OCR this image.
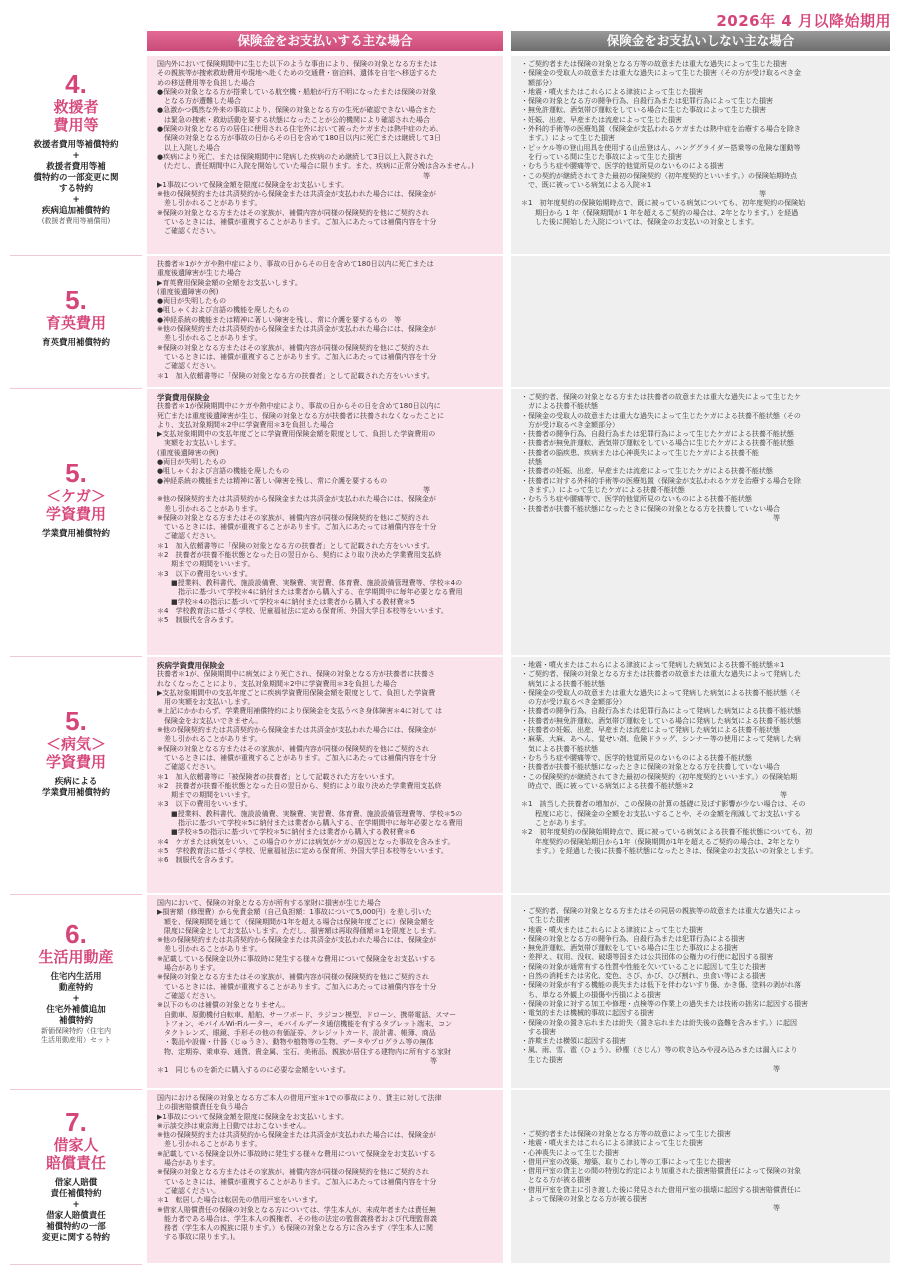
2026年 4 月以降始期用
保険金をお支払いする主な場合	保険金をお支払いしない主な場合
4.
救援者
費用等
救援者費用等補償特約
+
救援者費用等補
償特約の一部変更に関
する特約
+
疾病追加補償特約
(救援者費用等補償用)
国内外において保険期間中に生じた以下のような事由により、保険の対象となる方または
その親族等が捜索救助費用や現地へ赴くための交通費・宿泊料、遺体を自宅へ移送するた
めの移送費用等を負担した場合
●保険の対象となる方が搭乗している航空機・船舶が行方不明になったまたは保険の対象
　となる方が遭難した場合
●急激かつ偶然な外来の事故により、保険の対象となる方の生死が確認できない場合また
　は緊急の捜索・救助活動を要する状態になったことが公的機関により確認された場合
●保険の対象となる方の居住に使用される住宅外において被ったケガまたは熱中症のため、
　保険の対象となる方が事故の日からその日を含めて180日以内に死亡または継続して3日
　以上入院した場合
●疾病により死亡、または保険期間中に発病した疾病のため継続して3日以上入院された
　(ただし、責任期間中に入院を開始していた場合に限ります。また、疾病に正常分娩は含みません。)
　　　　　　　　　　　　　　　　　　　　　　　　　　　　　　　　　　　　　　等
▶1事故について保険金額を限度に保険金をお支払いします。
※他の保険契約または共済契約から保険金または共済金が支払われた場合には、保険金が
　差し引かれることがあります。
※保険の対象となる方またはその家族が、補償内容が同様の保険契約を他にご契約され
　ているときには、補償が重複することがあります。ご加入にあたっては補償内容を十分
　ご確認ください。
・ご契約者または保険の対象となる方等の故意または重大な過失によって生じた損害
・保険金の受取人の故意または重大な過失によって生じた損害（その方が受け取るべき金
　額部分）
・地震・噴火またはこれらによる津波によって生じた損害
・保険の対象となる方の闘争行為、自殺行為または犯罪行為によって生じた損害
・無免許運転、酒気帯び運転をしている場合に生じた事故によって生じた損害
・妊娠、出産、早産または流産によって生じた損害
・外科的手術等の医療処置（保険金が支払われるケガまたは熱中症を治療する場合を除き
　ます。）によって生じた損害
・ピッケル等の登山用具を使用する山岳登はん、ハンググライダー搭乗等の危険な運動等
　を行っている間に生じた事故によって生じた損害
・むちうち症や腰痛等で、医学的他覚所見のないものによる損害
・この契約が継続されてきた最初の保険契約（初年度契約といいます。）の保険始期時点
　で、既に被っている病気による入院＊1
　　　　　　　　　　　　　　　　　　　　　　　　　　　　　　　　　　等
＊1　初年度契約の保険始期時点で、既に被っている病気についても、初年度契約の保険始
　　期日から 1 年（保険期間が 1 年を超えるご契約の場合は、2年となります。）を経過
　　した後に開始した入院については、保険金のお支払いの対象とします。
5.
育英費用
育英費用補償特約
扶養者＊1がケガや熱中症により、事故の日からその日を含めて180日以内に死亡または
重度後遺障害が生じた場合
▶育英費用保険金額の全額をお支払いします。
(重度後遺障害の例)
●両目が失明したもの
●咀しゃくおよび言語の機能を廃したもの
●神経系統の機能または精神に著しい障害を残し、常に介護を要するもの　等
※他の保険契約または共済契約から保険金または共済金が支払われた場合には、保険金が
　差し引かれることがあります。
※保険の対象となる方またはその家族が、補償内容が同様の保険契約を他にご契約され
　ているときには、補償が重複することがあります。ご加入にあたっては補償内容を十分
　ご確認ください。
＊1　加入依頼書等に「保険の対象となる方の扶養者」として記載された方をいいます。
5.
＜ケガ＞
学資費用
学業費用補償特約
学資費用保険金
扶養者＊1が保険期間中にケガや熱中症により、事故の日からその日を含めて180日以内に
死亡または重度後遺障害が生じ、保険の対象となる方が扶養者に扶養されなくなったことに
より、支払対象期間＊2中に学資費用＊3を負担した場合
▶支払対象期間中の支払年度ごとに学資費用保険金額を限度として、負担した学資費用の
　実額をお支払いします。
(重度後遺障害の例)
●両目が失明したもの
●咀しゃくおよび言語の機能を廃したもの
●神経系統の機能または精神に著しい障害を残し、常に介護を要するもの
　　　　　　　　　　　　　　　　　　　　　　　　　　　　　　　　　　　　　　等
※他の保険契約または共済契約から保険金または共済金が支払われた場合には、保険金が
　差し引かれることがあります。
※保険の対象となる方またはその家族が、補償内容が同様の保険契約を他にご契約され
　ているときには、補償が重複することがあります。ご加入にあたっては補償内容を十分
　ご確認ください。
＊1　加入依頼書等に「保険の対象となる方の扶養者」として記載された方をいいます。
＊2　扶養者が扶養不能状態となった日の翌日から、契約により取り決めた学業費用支払終
　　期までの期間をいいます。
＊3　以下の費用をいいます。
　　■授業料、教科書代、施設設備費、実験費、実習費、体育費、施設設備管理費等、学校＊4の
　　　指示に基づいて学校＊4に納付または業者から購入する、在学期間中に毎年必要となる費用
　　■学校＊4の指示に基づいて学校＊4に納付または業者から購入する教材費＊5
＊4　学校教育法に基づく学校、児童福祉法に定める保育所、外国大学日本校等をいいます。
＊5　制服代を含みます。
・ご契約者、保険の対象となる方または扶養者の故意または重大な過失によって生じたケ
　ガによる扶養不能状態
・保険金の受取人の故意または重大な過失によって生じたケガによる扶養不能状態（その
　方が受け取るべき金額部分）
・扶養者の闘争行為、自殺行為または犯罪行為によって生じたケガによる扶養不能状態
・扶養者が無免許運転、酒気帯び運転をしている場合に生じたケガによる扶養不能状態
・扶養者の脳疾患、疾病または心神喪失によって生じたケガによる扶養不能
　状態
・扶養者の妊娠、出産、早産または流産によって生じたケガによる扶養不能状態
・扶養者に対する外科的手術等の医療処置（保険金が支払われるケガを治療する場合を除
　きます。）によって生じたケガによる扶養不能状態
・むちうち症や腰痛等で、医学的他覚所見のないものによる扶養不能状態
・扶養者が扶養不能状態になったときに保険の対象となる方を扶養していない場合
　　　　　　　　　　　　　　　　　　　　　　　　　　　　　　　　　　　　等
5.
＜病気＞
学資費用
疾病による
学業費用補償特約
疾病学資費用保険金
扶養者＊1が、保険期間中に病気により死亡され、保険の対象となる方が扶養者に扶養さ
れなくなったことにより、支払対象期間＊2中に学資費用＊3を負担した場合
▶支払対象期間中の支払年度ごとに疾病学資費用保険金額を限度として、負担した学資費
　用の実額をお支払いします。
※上記にかかわらず、学業費用補償特約により保険金を支払うべき身体障害＊4に対して は
　保険金をお支払いできません。
※他の保険契約または共済契約から保険金または共済金が支払われた場合には、保険金が
　差し引かれることがあります。
※保険の対象となる方またはその家族が、補償内容が同様の保険契約を他にご契約され
　ているときには、補償が重複することがあります。ご加入にあたっては補償内容を十分
　ご確認ください。
＊1　加入依頼書等に「被保険者の扶養者」として記載された方をいいます。
＊2　扶養者が扶養不能状態となった日の翌日から、契約により取り決めた学業費用支払終
　　期までの期間をいいます。
＊3　以下の費用をいいます。
　　■授業料、教科書代、施設設備費、実験費、実習費、体育費、施設設備管理費等、学校＊5の
　　　指示に基づいて学校＊5に納付または業者から購入する、在学期間中に毎年必要となる費用
　　■学校＊5の指示に基づいて学校＊5に納付または業者から購入する教材費＊6
＊4　ケガまたは病気をいい、この場合のケガには病気がケガの原因となった事故を含みます。
＊5　学校教育法に基づく学校、児童福祉法に定める保育所、外国大学日本校等をいいます。
＊6　制服代を含みます。
・地震・噴火またはこれらによる津波によって発病した病気による扶養不能状態＊1
・ご契約者、保険の対象となる方または扶養者の故意または重大な過失によって発病した
　病気による扶養不能状態
・保険金の受取人の故意または重大な過失によって発病した病気による扶養不能状態（そ
　の方が受け取るべき金額部分）
・扶養者の闘争行為、自殺行為または犯罪行為によって発病した病気による扶養不能状態
・扶養者が無免許運転、酒気帯び運転をしている場合に発病した病気による扶養不能状態
・扶養者の妊娠、出産、早産または流産によって発病した病気による扶養不能状態
・麻薬、大麻、あへん、覚せい剤、危険ドラッグ、シンナー等の使用によって発病した病
　気による扶養不能状態
・むちうち症や腰痛等で、医学的他覚所見のないものによる扶養不能状態
・扶養者が扶養不能状態になったときに保険の対象となる方を扶養していない場合
・この保険契約が継続されてきた最初の保険契約（初年度契約といいます。）の保険始期
　時点で、既に被っている病気による扶養不能状態＊2
　　　　　　　　　　　　　　　　　　　　　　　　　　　　　　　　　　　　　等
＊1　該当した扶養者の増加が、この保険の計算の基礎に及ぼす影響が少ない場合は、その
　　程度に応じ、保険金の全額をお支払いすることや、その金額を削減してお支払いする
　　ことがあります。
＊2　初年度契約の保険始期時点で、既に被っている病気による扶養不能状態についても、初
　　年度契約の保険始期日から1年（保険期間が1年を超えるご契約の場合は、2年となり
　　ます。）を経過した後に扶養不能状態になったときは、保険金のお支払いの対象とします。
6.
生活用動産
住宅内生活用
動産特約
+
住宅外補償追加
補償特約
新価保険特約（住宅内
生活用動産用）セット
国内において、保険の対象となる方が所有する家財に損害が生じた場合
▶損害額（修理費）から免責金額（自己負担額：1事故について5,000円）を差し引いた
　額を、保険期間を通じて（保険期間が1年を超える場合は保険年度ごとに）保険金額を
　限度に保険金としてお支払いします。ただし、損害額は再取得価額＊1を限度とします。
※他の保険契約または共済契約から保険金または共済金が支払われた場合には、保険金が
　差し引かれることがあります。
※記載している保険金以外に事故時に発生する様々な費用について保険金をお支払いする
　場合があります。
※保険の対象となる方またはその家族が、補償内容が同様の保険契約を他にご契約され
　ているときには、補償が重複することがあります。ご加入にあたっては補償内容を十分
　ご確認ください。
※以下のものは補償の対象となりません。
　自動車、原動機付自転車、船舶、サーフボード、ラジコン模型、ドローン、携帯電話、スマー
　トフォン、モバイルWi-Fiルーター、モバイルデータ通信機能を有するタブレット端末、コン
　タクトレンズ、眼鏡、手形その他の有価証券、クレジットカード、設計書、帳簿、商品
　・製品や設備・什器（じゅうき）、動物や植物等の生物、データやプログラム等の無体
　物、定期券、乗車券、通貨、貴金属、宝石、美術品、親族が居住する建物内に所有する家財
　　　　　　　　　　　　　　　　　　　　　　　　　　　　　　　　　　　　　　　等
＊1　同じものを新たに購入するのに必要な金額をいいます。
・ご契約者、保険の対象となる方またはその同居の親族等の故意または重大な過失によっ
　て生じた損害
・地震・噴火またはこれらによる津波によって生じた損害
・保険の対象となる方の闘争行為、自殺行為または犯罪行為による損害
・無免許運転、酒気帯び運転をしている場合に生じた事故による損害
・差押え、収用、没収、破壊等国または公共団体の公権力の行使に起因する損害
・保険の対象が通常有する性質や性能を欠いていることに起因して生じた損害
・自然の消耗または劣化、変色、さび、かび、ひび割れ、虫食い等による損害
・保険の対象が有する機能の喪失または低下を伴わないすり傷、かき傷、塗料の剥がれ落
　ち、単なる外観上の損傷や汚損による損害
・保険の対象に対する加工や修理・点検等の作業上の過失または技術の拙劣に起因する損害
・電気的または機械的事故に起因する損害
・保険の対象の置き忘れまたは紛失（置き忘れまたは紛失後の盗難を含みます。）に起因
　する損害
・詐欺または横領に起因する損害
・風、雨、雪、雹（ひょう）、砂塵（さじん）等の吹き込みや浸み込みまたは漏入により
　生じた損害
　　　　　　　　　　　　　　　　　　　　　　　　　　　　　　　　　　　　等
7.
借家人
賠償責任
借家人賠償
責任補償特約
+
借家人賠償責任
補償特約の一部
変更に関する特約
国内における保険の対象となる方ご本人の借用戸室＊1での事故により、貸主に対して法律
上の損害賠償責任を負う場合
▶1事故について保険金額を限度に保険金をお支払いします。
※示談交渉は東京海上日動ではおこないません。
※他の保険契約または共済契約から保険金または共済金が支払われた場合には、保険金が
　差し引かれることがあります。
※記載している保険金以外に事故時に発生する様々な費用について保険金をお支払いする
　場合があります。
※保険の対象となる方またはその家族が、補償内容が同様の保険契約を他にご契約され
　ているときには、補償が重複することがあります。ご加入にあたっては補償内容を十分
　ご確認ください。
＊1　転居した場合は転居先の借用戸室をいいます。
※借家人賠償責任の保険の対象となる方については、学生本人が、未成年者または責任無
　能力者である場合は、学生本人の親権者、その他の法定の監督義務者および代理監督義
　務者（学生本人の親族に限ります。）も保険の対象となる方に含みます（学生本人に関
　する事故に限ります。)。
・ご契約者または保険の対象となる方等の故意によって生じた損害
・地震・噴火またはこれらによる津波によって生じた損害
・心神喪失によって生じた損害
・借用戸室の改築、増築、取りこわし等の工事によって生じた損害
・借用戸室の貸主との間の特別な約定により加重された損害賠償責任によって保険の対象
　となる方が被る損害
・借用戸室を貸主に引き渡した後に発見された借用戸室の損壊に起因する損害賠償責任に
　よって保険の対象となる方が被る損害
　　　　　　　　　　　　　　　　　　　　　　　　　　　　　　　　　　　　等
